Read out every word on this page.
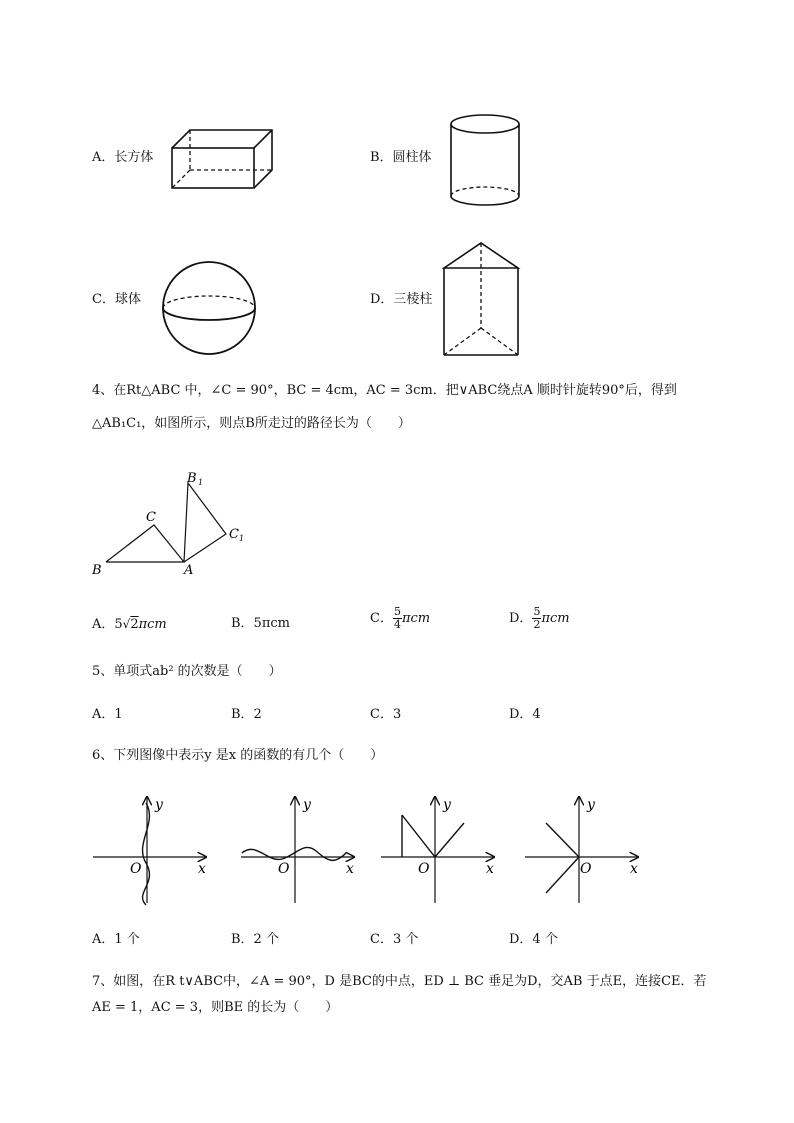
A．长方体	B．圆柱体
C．球体	D．三棱柱
4、在Rt△ABC 中，∠C = 90°，BC = 4cm，AC = 3cm．把∨ABC绕点A 顺时针旋转90°后，得到
△AB₁C₁，如图所示，则点B所走过的路径长为（　　）
B 1
C
C 1
B	A
A．5√2πcm	B．5πcm	C． $\frac{5}{4}$ πcm	D． $\frac{5}{2}$ πcm
5、单项式ab² 的次数是（　　）
A．1	B．2	C．3	D．4
6、下列图像中表示y 是x 的函数的有几个（　　）
y
x
O
y
x
O
y
x
O
y
x
O
A．1 个	B．2 个	C．3 个	D．4 个
7、如图，在R t∨ABC中，∠A = 90°，D 是BC的中点，ED ⊥ BC 垂足为D，交AB 于点E，连接CE．若
AE = 1，AC = 3，则BE 的长为（　　）
